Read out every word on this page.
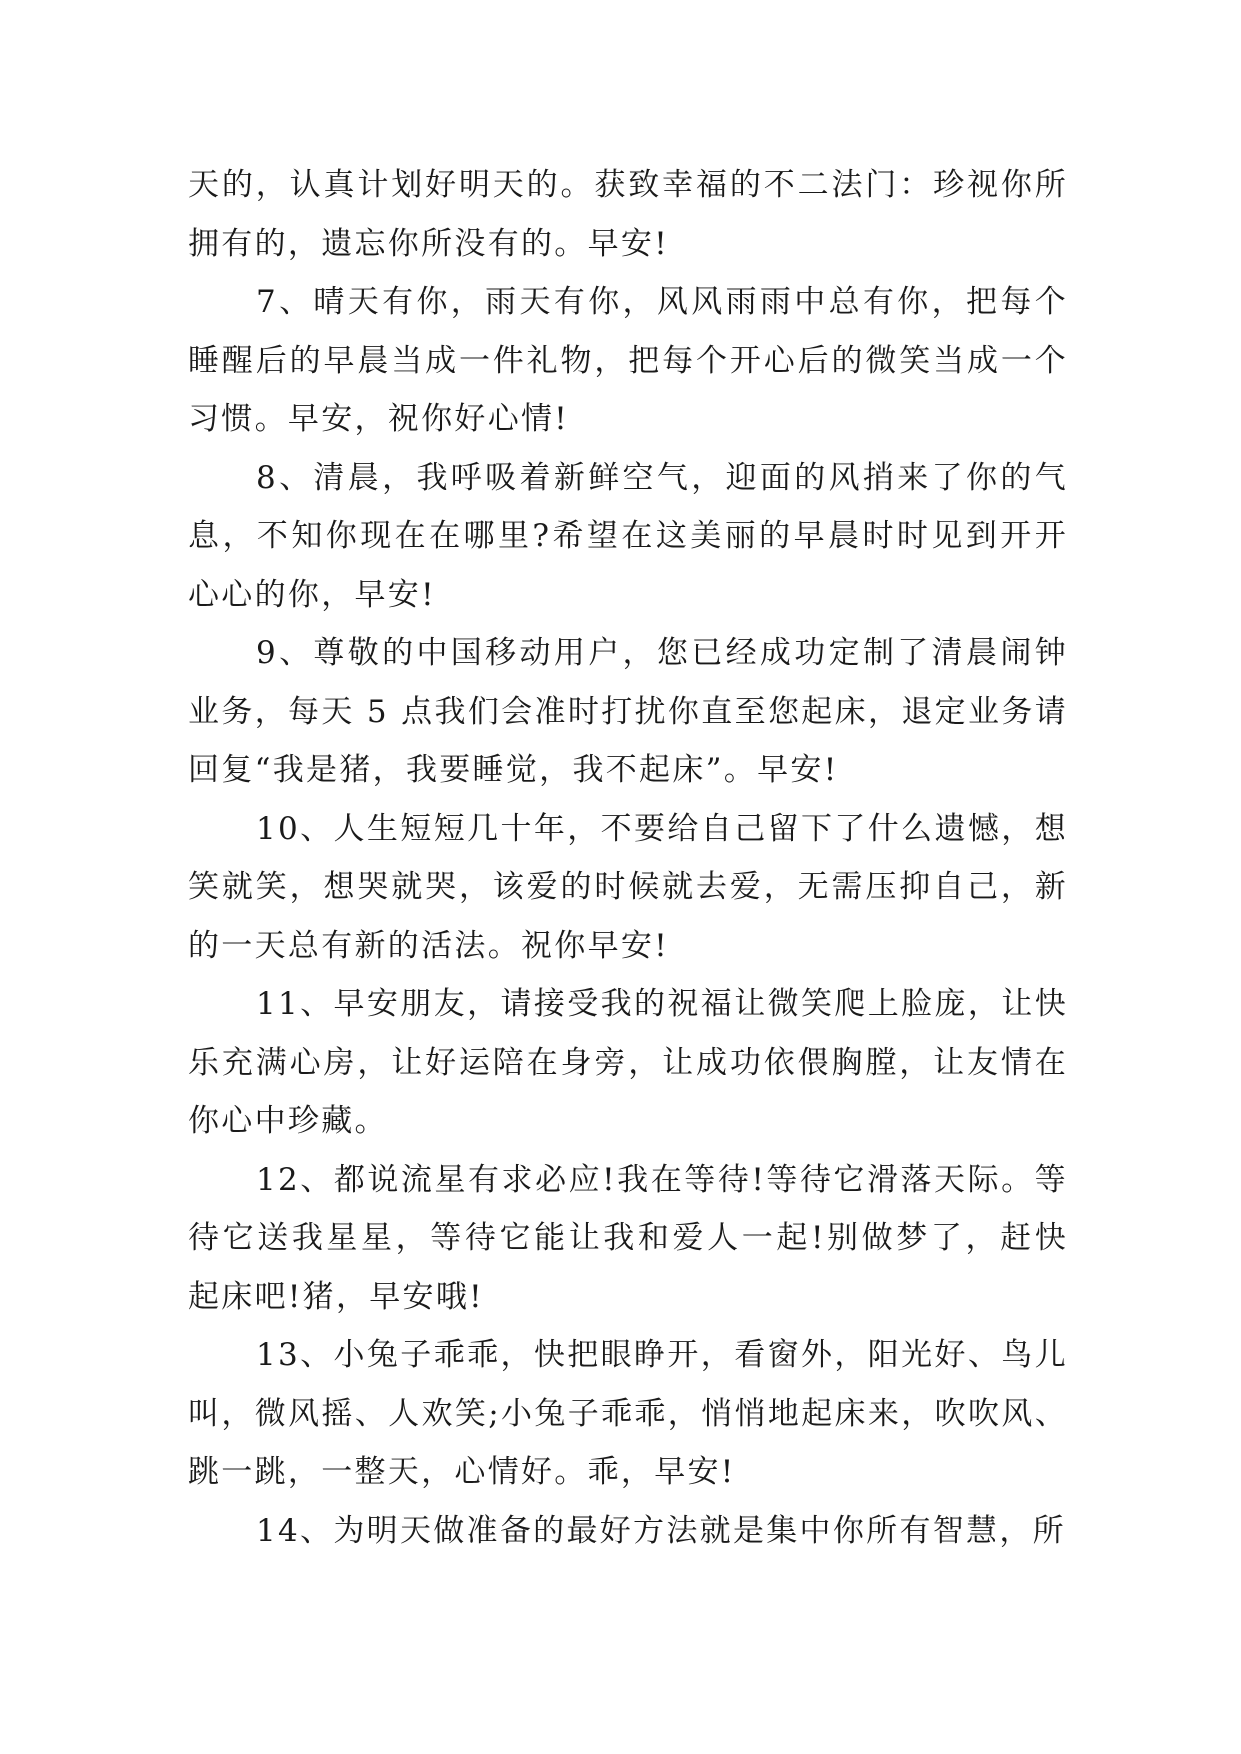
天的，认真计划好明天的。获致幸福的不二法门：珍视你所拥有的，遗忘你所没有的。早安!

7、晴天有你，雨天有你，风风雨雨中总有你，把每个睡醒后的早晨当成一件礼物，把每个开心后的微笑当成一个习惯。早安，祝你好心情!

8、清晨，我呼吸着新鲜空气，迎面的风捎来了你的气息，不知你现在在哪里?希望在这美丽的早晨时时见到开开心心的你，早安!

9、尊敬的中国移动用户，您已经成功定制了清晨闹钟业务，每天 5 点我们会准时打扰你直至您起床，退定业务请回复“我是猪，我要睡觉，我不起床”。早安!

10、人生短短几十年，不要给自己留下了什么遗憾，想笑就笑，想哭就哭，该爱的时候就去爱，无需压抑自己，新的一天总有新的活法。祝你早安!

11、早安朋友，请接受我的祝福让微笑爬上脸庞，让快乐充满心房，让好运陪在身旁，让成功依偎胸膛，让友情在你心中珍藏。

12、都说流星有求必应!我在等待!等待它滑落天际。等待它送我星星，等待它能让我和爱人一起!别做梦了，赶快起床吧!猪，早安哦!

13、小兔子乖乖，快把眼睁开，看窗外，阳光好、鸟儿叫，微风摇、人欢笑;小兔子乖乖，悄悄地起床来，吹吹风、跳一跳，一整天，心情好。乖，早安!

14、为明天做准备的最好方法就是集中你所有智慧，所
